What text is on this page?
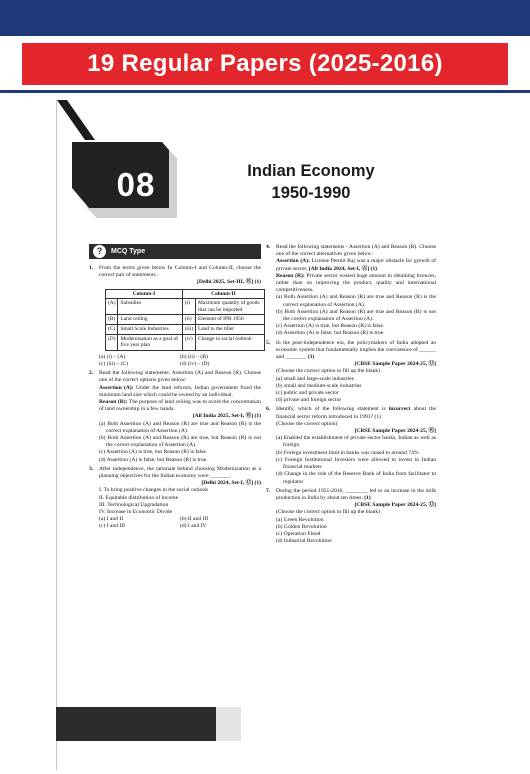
19 Regular Papers (2025-2016)
08	Indian Economy
1950-1990
?	MCQ Type
1. From the terms given below In Column-I and Column-II, choose the correct pair of statements :
[Delhi 2025, Set-III, Ⓡ] (1)
Column-I		Column-II	
(A)	Subsidies	(i)	Maximum quantity of goods that can be imported
(B)	Land ceiling	(ii)	Element of IPR 1956
(C)	Small Scale Industries	(iii)	Land to the tiller
(D)	Modernisation as a goal of five year plan	(iv)	Change in social outlook
(a) (i) – (A)	(b) (ii) – (B)
(c) (iii) – (C)	(d) (iv) – (D)
2. Read the following statements: Assertion (A) and Reason (R). Choose one of the correct options given below:
Assertion (A): Under the land reforms, Indian government fixed the minimum land size which could be owned by an individual.
Reason (R): The purpose of land ceiling was to avoid the concentration of land ownership in a few hands.
[All India 2025, Set-I, Ⓡ] (1)
(a) Both Assertion (A) and Reason (R) are true and Reason (R) is the correct explanation of Assertion (A).
(b) Both Assertion (A) and Reason (R) are true, but Reason (R) is not the correct explanation of Assertion (A).
(c) Assertion (A) is true, but Reason (R) is false.
(d) Assertion (A) is false, but Reason (R) is true.
3. After independence, the rationale behind choosing Modernization as a planning objectives for the Indian economy were _______.
[Delhi 2024, Set-I, Ⓤ] (1)
I. To bring positive changes in the social outlook
II. Equitable distribution of income
III. Technological Upgradation
IV. Increase in Economic Divide
(a) I and II	(b) II and III
(c) I and III	(d) I and IV
4. Read the following statements - Assertion (A) and Reason (R). Choose one of the correct alternatives given below:
Assertion (A): License Permit Raj was a major obstacle for growth of private sector. [All India 2024, Set-I, Ⓐ] (1)
Reason (R): Private sector wasted huge amount in obtaining licences, rather than on improving the product, quality and international competitiveness.
(a) Both Assertion (A) and Reason (R) are true and Reason (R) is the correct explanation of Assertion (A).
(b) Both Assertion (A) and Reason (R) are true and Reason (R) is not the correct explanation of Assertion (A).
(c) Assertion (A) is true, but Reason (R) is false.
(d) Assertion (A) is false, but Reason (R) is true.
5. In the post-independence era, the policymakers of India adopted an economic system that fundamentally implies the coexistence of ______ and _______. (1)
[CBSE Sample Paper 2024-25, Ⓤ]
(Choose the correct option to fill up the blank)
(a) small and large-scale industries
(b) small and medium-scale industries
(c) public and private sector
(d) private and foreign sector
6. Identify, which of the following statement is incorrect about the financial sector reform introduced in 1991? (1)
(Choose the correct option)
[CBSE Sample Paper 2024-25, Ⓡ]
(a) Enabled the establishment of private sector banks, Indian as well as foreign
(b) Foreign investment limit in banks was raised to around 74%
(c) Foreign Institutional Investors were allowed to invest in Indian financial markets
(d) Change in the role of the Reserve Bank of India from facilitator to regulator
7. During the period 1951-2016, ________ led to an increase in the milk production in India by about ten times. (1)
[CBSE Sample Paper 2024-25, Ⓤ]
(Choose the correct option to fill up the blank)
(a) Green Revolution
(b) Golden Revolution
(c) Operation Flood
(d) Industrial Revolution
